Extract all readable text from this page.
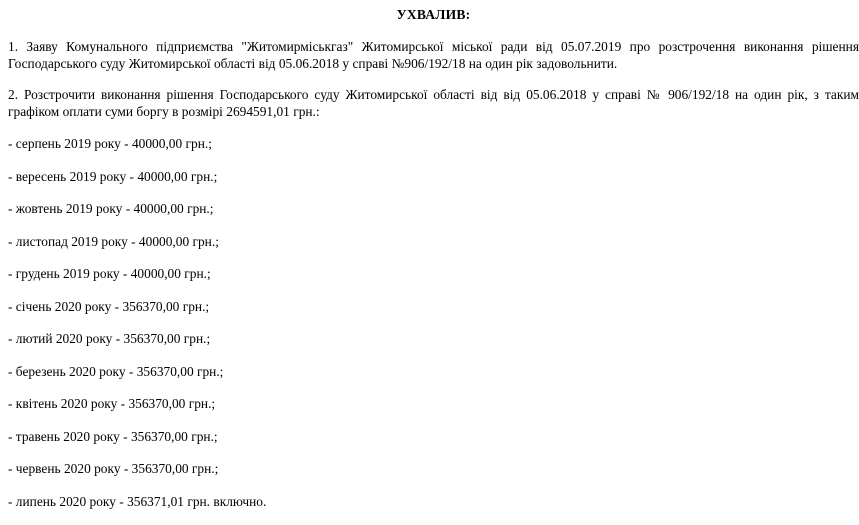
УХВАЛИВ:

1. Заяву Комунального підприємства "Житомирміськгаз" Житомирської міської ради від 05.07.2019 про розстрочення виконання рішення Господарського суду Житомирської області від 05.06.2018 у справі №906/192/18 на один рік задовольнити.

2. Розстрочити виконання рішення Господарського суду Житомирської області від від 05.06.2018 у справі № 906/192/18 на один рік, з таким графіком оплати суми боргу в розмірі 2694591,01 грн.:

- серпень 2019 року - 40000,00 грн.;

- вересень 2019 року - 40000,00 грн.;

- жовтень 2019 року - 40000,00 грн.;

- листопад 2019 року - 40000,00 грн.;

- грудень 2019 року - 40000,00 грн.;

- січень 2020 року - 356370,00 грн.;

- лютий 2020 року - 356370,00 грн.;

- березень 2020 року - 356370,00 грн.;

- квітень 2020 року - 356370,00 грн.;

- травень 2020 року - 356370,00 грн.;

- червень 2020 року - 356370,00 грн.;

- липень 2020 року - 356371,01 грн. включно.
